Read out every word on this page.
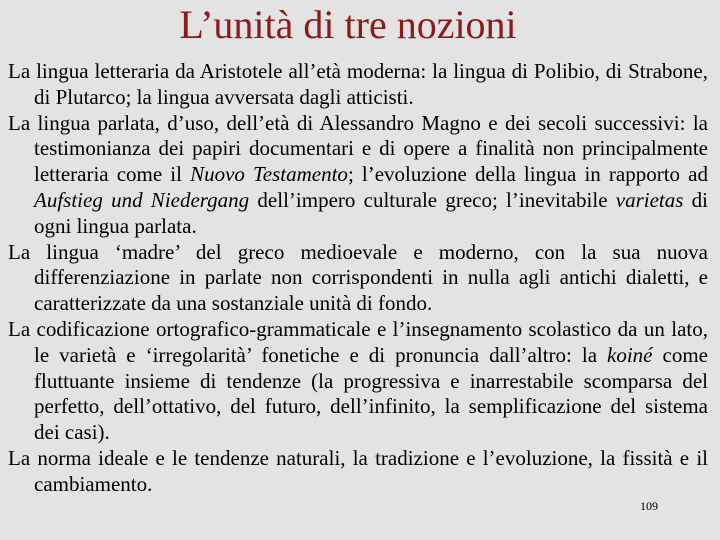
L’unità di tre nozioni

La lingua letteraria da Aristotele all’età moderna: la lingua di Polibio, di Strabone, di Plutarco; la lingua avversata dagli atticisti.

La lingua parlata, d’uso, dell’età di Alessandro Magno e dei secoli successivi: la testimonianza dei papiri documentari e di opere a finalità non principalmente letteraria come il Nuovo Testamento; l’evoluzione della lingua in rapporto ad Aufstieg und Niedergang dell’impero culturale greco; l’inevitabile varietas di ogni lingua parlata.

La lingua ‘madre’ del greco medioevale e moderno, con la sua nuova differenziazione in parlate non corrispondenti in nulla agli antichi dialetti, e caratterizzate da una sostanziale unità di fondo.

La codificazione ortografico-grammaticale e l’insegnamento scolastico da un lato, le varietà e ‘irregolarità’ fonetiche e di pronuncia dall’altro: la koiné come fluttuante insieme di tendenze (la progressiva e inarrestabile scomparsa del perfetto, dell’ottativo, del futuro, dell’infinito, la semplificazione del sistema dei casi).

La norma ideale e le tendenze naturali, la tradizione e l’evoluzione, la fissità e il cambiamento.

109
